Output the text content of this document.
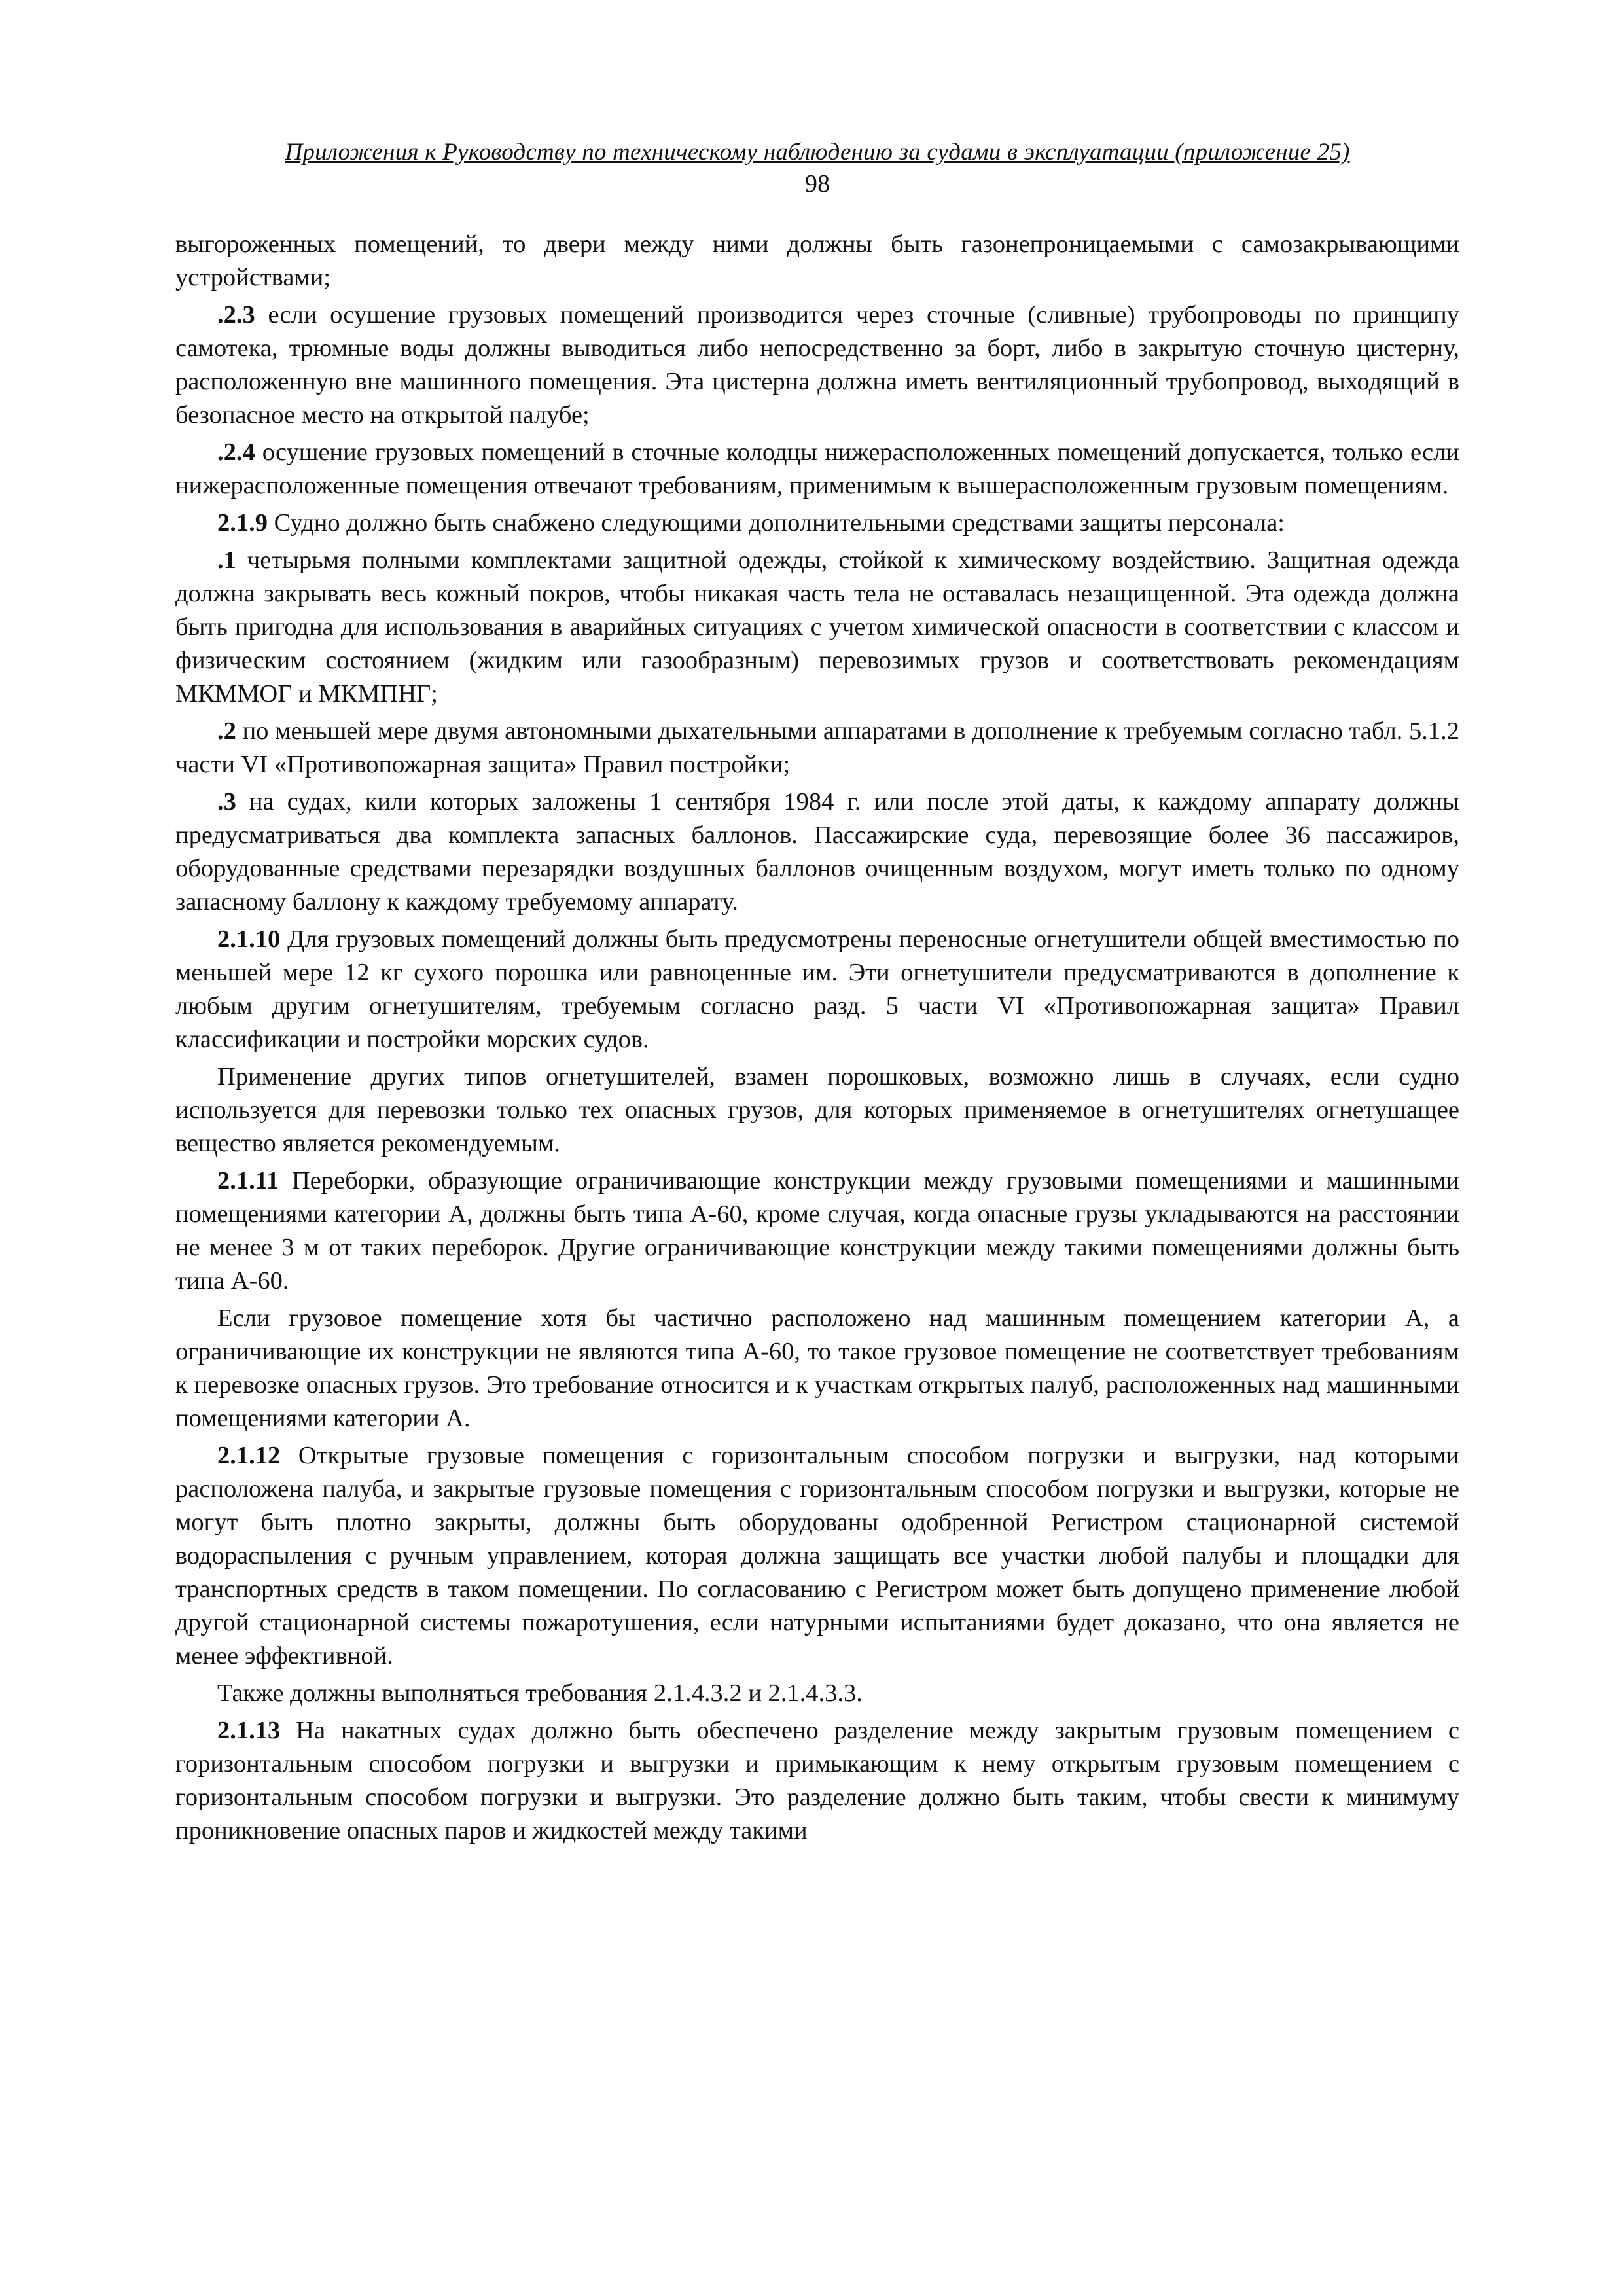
Приложения к Руководству по техническому наблюдению за судами в эксплуатации (приложение 25)
98

выгороженных помещений, то двери между ними должны быть газонепроницаемыми с самозакрывающими устройствами;

.2.3 если осушение грузовых помещений производится через сточные (сливные) трубопроводы по принципу самотека, трюмные воды должны выводиться либо непосредственно за борт, либо в закрытую сточную цистерну, расположенную вне машинного помещения. Эта цистерна должна иметь вентиляционный трубопровод, выходящий в безопасное место на открытой палубе;

.2.4 осушение грузовых помещений в сточные колодцы нижерасположенных помещений допускается, только если нижерасположенные помещения отвечают требованиям, применимым к вышерасположенным грузовым помещениям.

2.1.9 Судно должно быть снабжено следующими дополнительными средствами защиты персонала:

.1 четырьмя полными комплектами защитной одежды, стойкой к химическому воздействию. Защитная одежда должна закрывать весь кожный покров, чтобы никакая часть тела не оставалась незащищенной. Эта одежда должна быть пригодна для использования в аварийных ситуациях с учетом химической опасности в соответствии с классом и физическим состоянием (жидким или газообразным) перевозимых грузов и соответствовать рекомендациям МКММОГ и МКМПНГ;

.2 по меньшей мере двумя автономными дыхательными аппаратами в дополнение к требуемым согласно табл. 5.1.2 части VI «Противопожарная защита» Правил постройки;

.3 на судах, кили которых заложены 1 сентября 1984 г. или после этой даты, к каждому аппарату должны предусматриваться два комплекта запасных баллонов. Пассажирские суда, перевозящие более 36 пассажиров, оборудованные средствами перезарядки воздушных баллонов очищенным воздухом, могут иметь только по одному запасному баллону к каждому требуемому аппарату.

2.1.10 Для грузовых помещений должны быть предусмотрены переносные огнетушители общей вместимостью по меньшей мере 12 кг сухого порошка или равноценные им. Эти огнетушители предусматриваются в дополнение к любым другим огнетушителям, требуемым согласно разд. 5 части VI «Противопожарная защита» Правил классификации и постройки морских судов.

Применение других типов огнетушителей, взамен порошковых, возможно лишь в случаях, если судно используется для перевозки только тех опасных грузов, для которых применяемое в огнетушителях огнетушащее вещество является рекомендуемым.

2.1.11 Переборки, образующие ограничивающие конструкции между грузовыми помещениями и машинными помещениями категории А, должны быть типа А-60, кроме случая, когда опасные грузы укладываются на расстоянии не менее 3 м от таких переборок. Другие ограничивающие конструкции между такими помещениями должны быть типа А-60.

Если грузовое помещение хотя бы частично расположено над машинным помещением категории А, а ограничивающие их конструкции не являются типа А-60, то такое грузовое помещение не соответствует требованиям к перевозке опасных грузов. Это требование относится и к участкам открытых палуб, расположенных над машинными помещениями категории А.

2.1.12 Открытые грузовые помещения с горизонтальным способом погрузки и выгрузки, над которыми расположена палуба, и закрытые грузовые помещения с горизонтальным способом погрузки и выгрузки, которые не могут быть плотно закрыты, должны быть оборудованы одобренной Регистром стационарной системой водораспыления с ручным управлением, которая должна защищать все участки любой палубы и площадки для транспортных средств в таком помещении. По согласованию с Регистром может быть допущено применение любой другой стационарной системы пожаротушения, если натурными испытаниями будет доказано, что она является не менее эффективной.

Также должны выполняться требования 2.1.4.3.2 и 2.1.4.3.3.

2.1.13 На накатных судах должно быть обеспечено разделение между закрытым грузовым помещением с горизонтальным способом погрузки и выгрузки и примыкающим к нему открытым грузовым помещением с горизонтальным способом погрузки и выгрузки. Это разделение должно быть таким, чтобы свести к минимуму проникновение опасных паров и жидкостей между такими
